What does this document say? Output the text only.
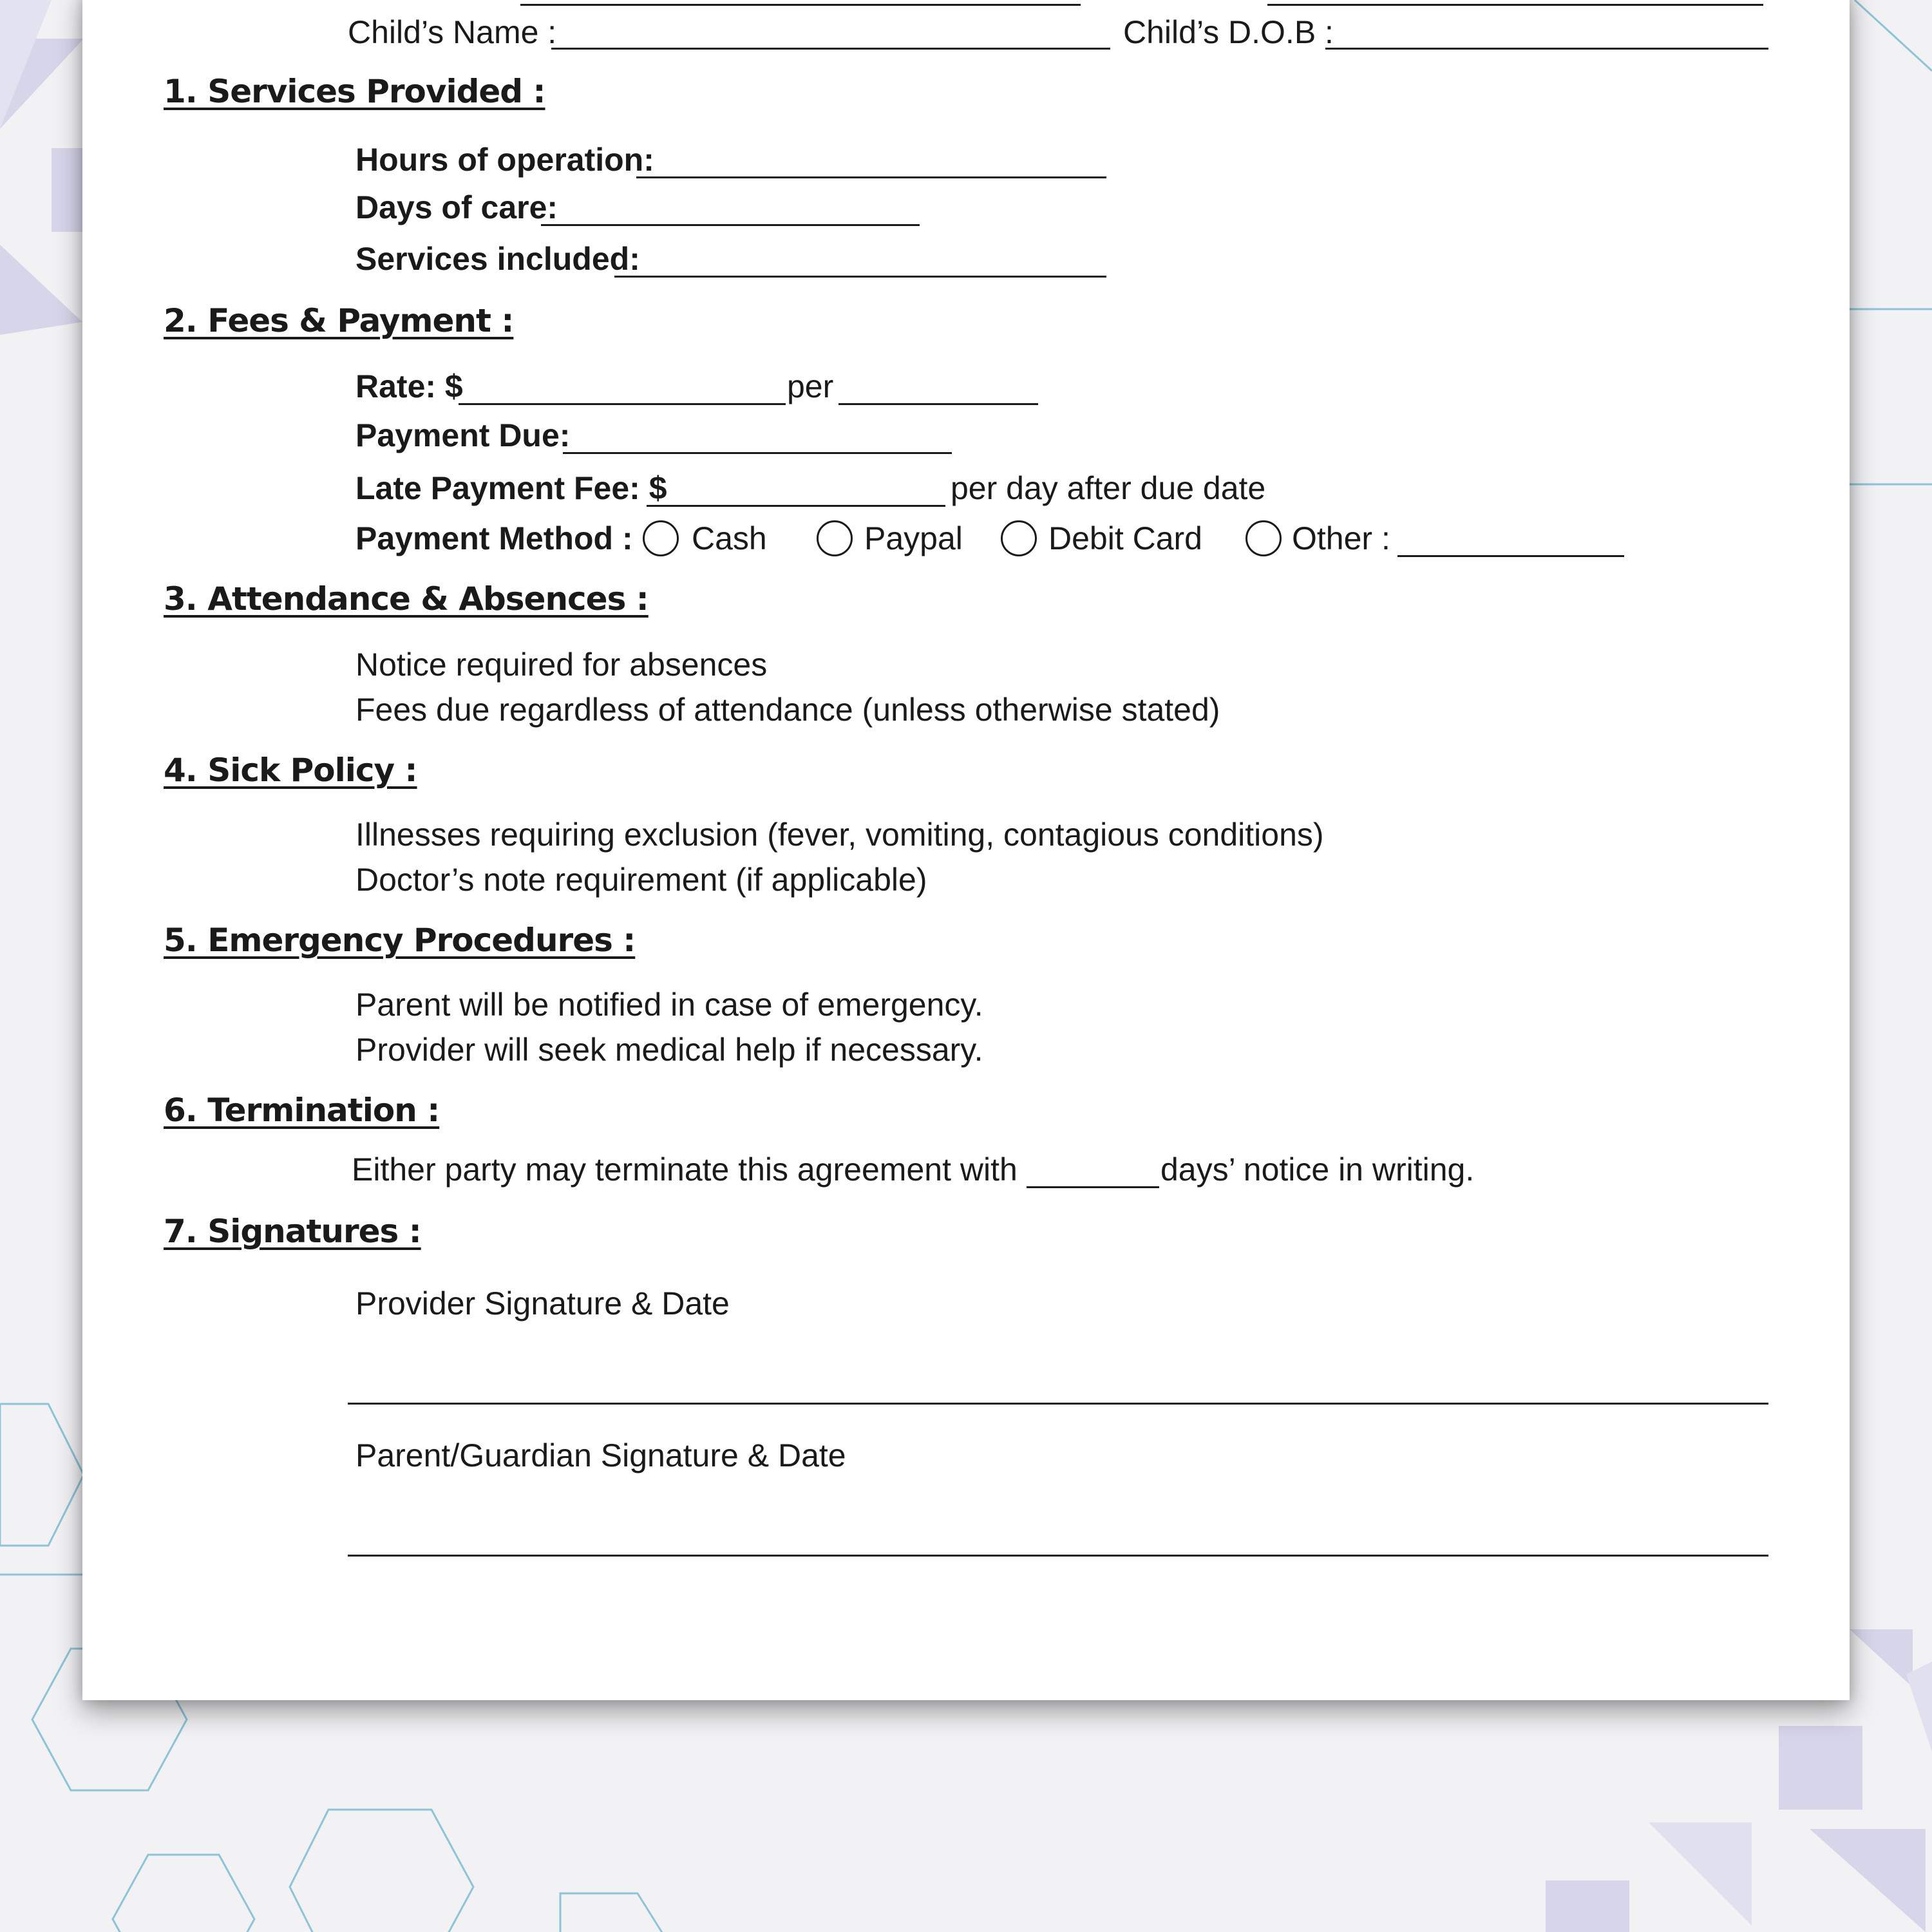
Child’s Name :	Child’s D.O.B :
1. Services Provided :
Hours of operation:
Days of care:
Services included:
2. Fees & Payment :
Rate: $	per
Payment Due:
Late Payment Fee: $	per day after due date
Payment Method : Cash	Paypal	Debit Card	Other :
3. Attendance & Absences :
Notice required for absences
Fees due regardless of attendance (unless otherwise stated)
4. Sick Policy :
Illnesses requiring exclusion (fever, vomiting, contagious conditions)
Doctor’s note requirement (if applicable)
5. Emergency Procedures :
Parent will be notified in case of emergency.
Provider will seek medical help if necessary.
6. Termination :
Either party may terminate this agreement with	days’ notice in writing.
7. Signatures :
Provider Signature & Date
Parent/Guardian Signature & Date
